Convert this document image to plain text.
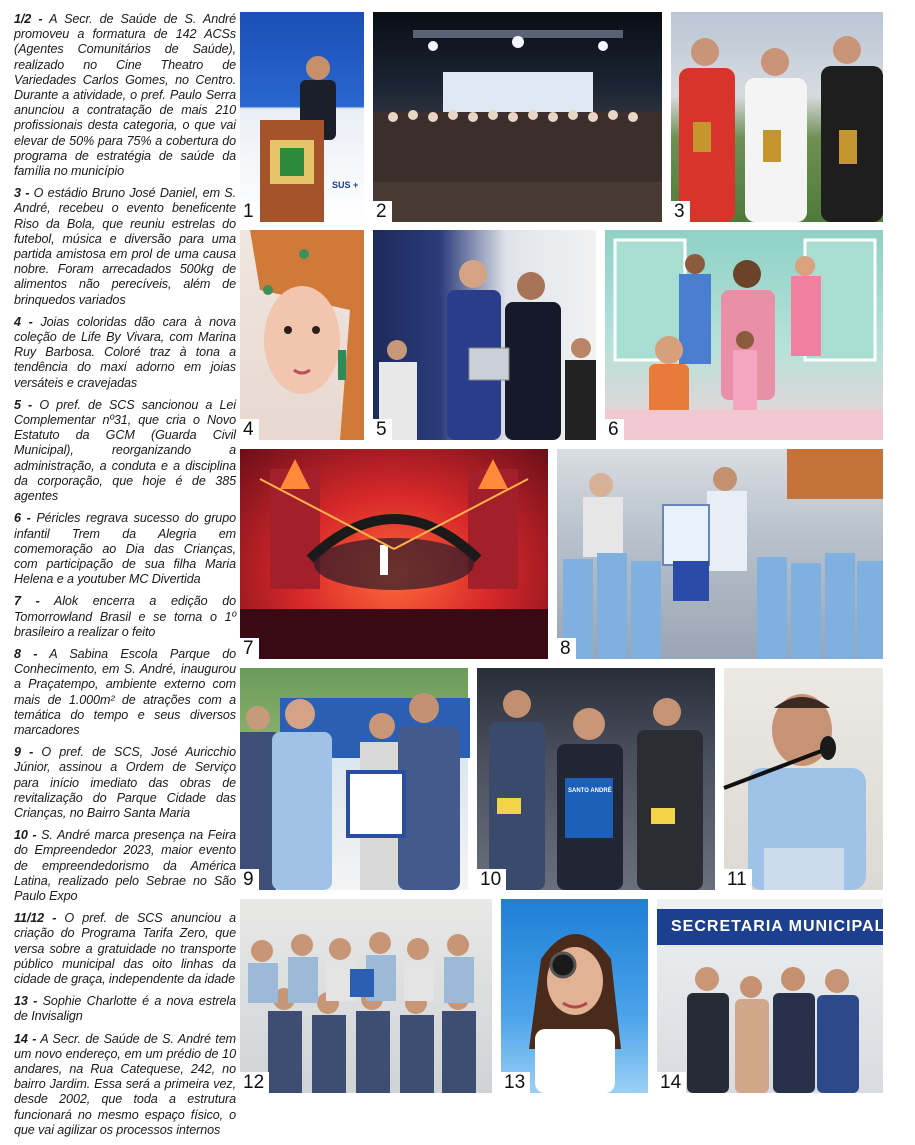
1/2 - A Secr. de Saúde de S. André promoveu a formatura de 142 ACSs (Agentes Comunitários de Saúde), realizado no Cine Theatro de Variedades Carlos Gomes, no Centro. Durante a atividade, o pref. Paulo Serra anunciou a contratação de mais 210 profissionais desta categoria, o que vai elevar de 50% para 75% a cobertura do programa de estratégia de saúde da família no município

3 - O estádio Bruno José Daniel, em S. André, recebeu o evento beneficente Riso da Bola, que reuniu estrelas do futebol, música e diversão para uma partida amistosa em prol de uma causa nobre. Foram arrecadados 500kg de alimentos não perecíveis, além de brinquedos variados

4 - Joias coloridas dão cara à nova coleção de Life By Vivara, com Marina Ruy Barbosa. Coloré traz à tona a tendência do maxi adorno em joias versáteis e cravejadas

5 - O pref. de SCS sancionou a Lei Complementar nº31, que cria o Novo Estatuto da GCM (Guarda Civil Municipal), reorganizando a administração, a conduta e a disciplina da corporação, que hoje é de 385 agentes

6 - Péricles regrava sucesso do grupo infantil Trem da Alegria em comemoração ao Dia das Crianças, com participação de sua filha Maria Helena e a youtuber MC Divertida

7 - Alok encerra a edição do Tomorrowland Brasil e se torna o 1º brasileiro a realizar o feito

8 - A Sabina Escola Parque do Conhecimento, em S. André, inaugurou a Praçatempo, ambiente externo com mais de 1.000m² de atrações com a temática do tempo e seus diversos marcadores

9 - O pref. de SCS, José Auricchio Júnior, assinou a Ordem de Serviço para início imediato das obras de revitalização do Parque Cidade das Crianças, no Bairro Santa Maria

10 - S. André marca presença na Feira do Empreendedor 2023, maior evento de empreendedorismo da América Latina, realizado pelo Sebrae no São Paulo Expo

11/12 - O pref. de SCS anunciou a criação do Programa Tarifa Zero, que versa sobre a gratuidade no transporte público municipal das oito linhas da cidade de graça, independente da idade

13 - Sophie Charlotte é a nova estrela de Invisalign

14 - A Secr. de Saúde de S. André tem um novo endereço, em um prédio de 10 andares, na Rua Catequese, 242, no bairro Jardim. Essa será a primeira vez, desde 2002, que toda a estrutura funcionará no mesmo espaço físico, o que vai agilizar os processos internos

SUS +
1	2	3
4	5	6
7	8
9
SANTO ANDRÉ
10	11
12	13
SECRETARIA MUNICIPAL DE
14
